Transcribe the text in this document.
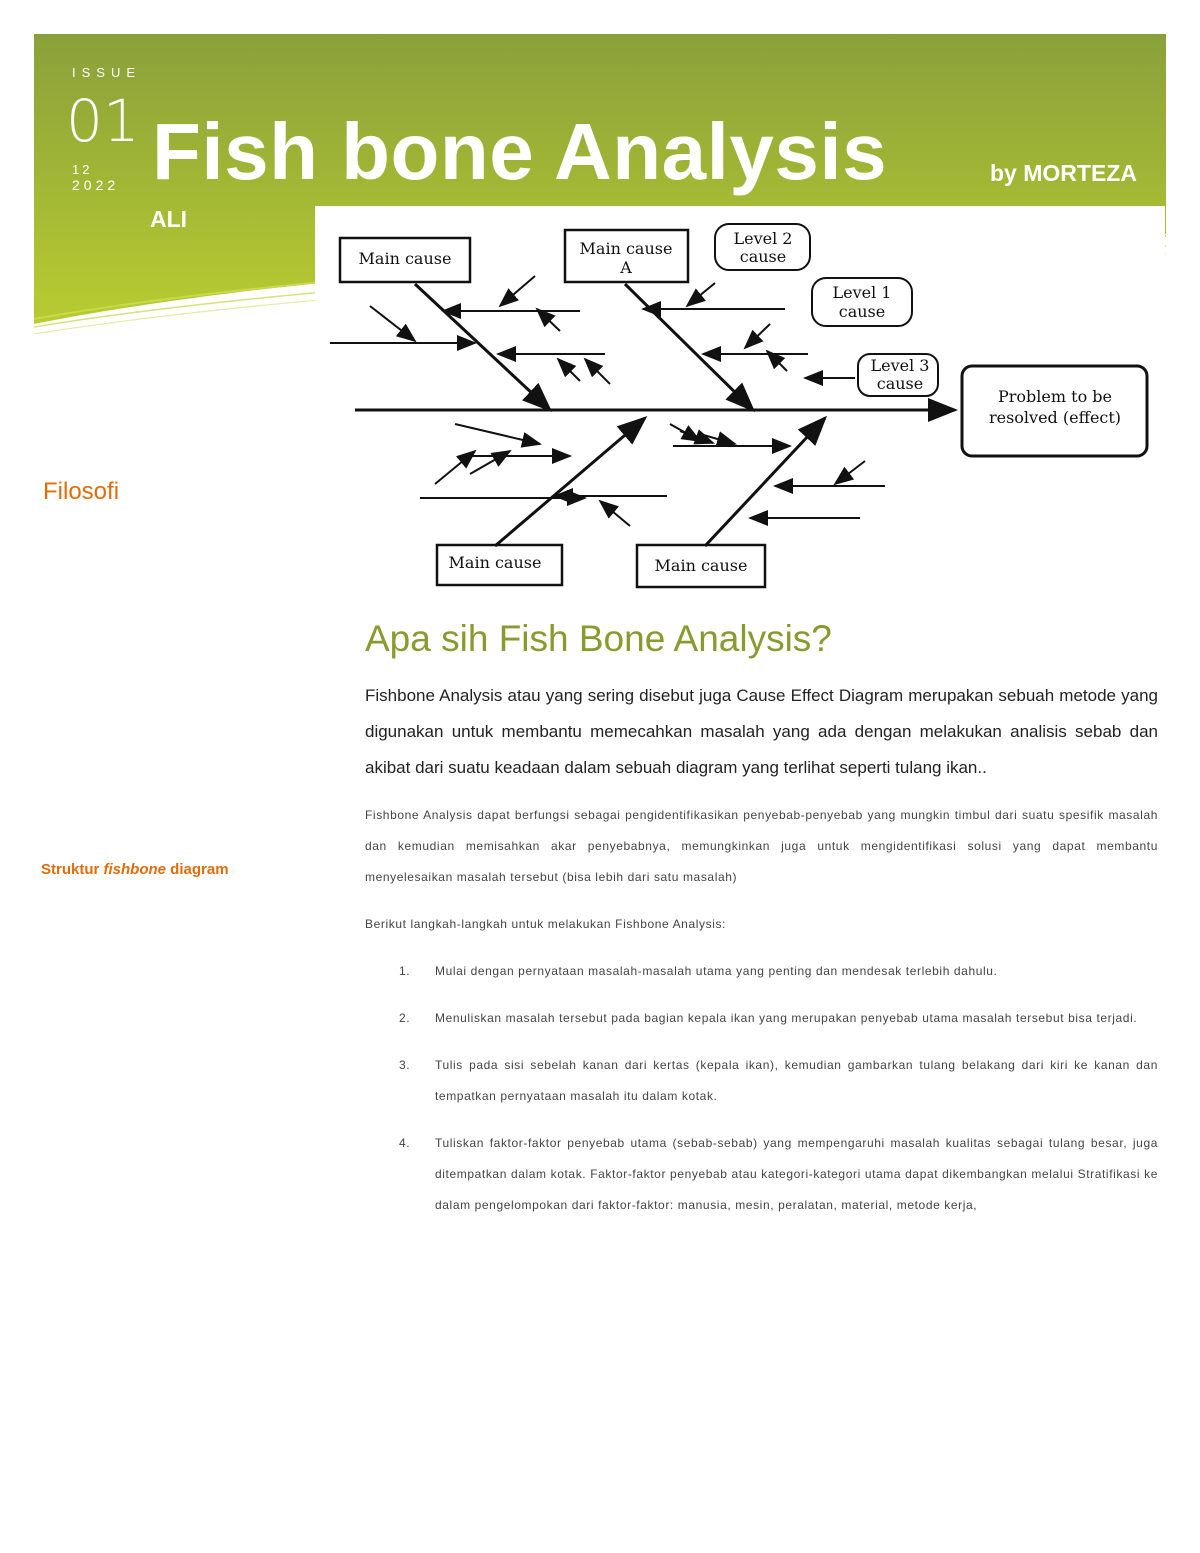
ISSUE
01
12
2022 Fish bone Analysis	by MORTEZA
ALI
Main cause
Main cause
A
Level 2
cause
Level 1
cause
Level 3
cause
Problem to be
resolved (effect)
Main cause	Main cause
Filosofi
Struktur fishbone diagram
Apa sih Fish Bone Analysis?
Fishbone Analysis atau yang sering disebut juga Cause Effect Diagram merupakan sebuah metode yang digunakan untuk membantu memecahkan masalah yang ada dengan melakukan analisis sebab dan akibat dari suatu keadaan dalam sebuah diagram yang terlihat seperti tulang ikan..
Fishbone Analysis dapat berfungsi sebagai pengidentifikasikan penyebab-penyebab yang mungkin timbul dari suatu spesifik masalah dan kemudian memisahkan akar penyebabnya, memungkinkan juga untuk mengidentifikasi solusi yang dapat membantu menyelesaikan masalah tersebut (bisa lebih dari satu masalah)
Berikut langkah-langkah untuk melakukan Fishbone Analysis:
1. Mulai dengan pernyataan masalah-masalah utama yang penting dan mendesak terlebih dahulu.
2. Menuliskan masalah tersebut pada bagian kepala ikan yang merupakan penyebab utama masalah tersebut bisa terjadi.
3. Tulis pada sisi sebelah kanan dari kertas (kepala ikan), kemudian gambarkan tulang belakang dari kiri ke kanan dan tempatkan pernyataan masalah itu dalam kotak.
4. Tuliskan faktor-faktor penyebab utama (sebab-sebab) yang mempengaruhi masalah kualitas sebagai tulang besar, juga ditempatkan dalam kotak. Faktor-faktor penyebab atau kategori-kategori utama dapat dikembangkan melalui Stratifikasi ke dalam pengelompokan dari faktor-faktor: manusia, mesin, peralatan, material, metode kerja,
